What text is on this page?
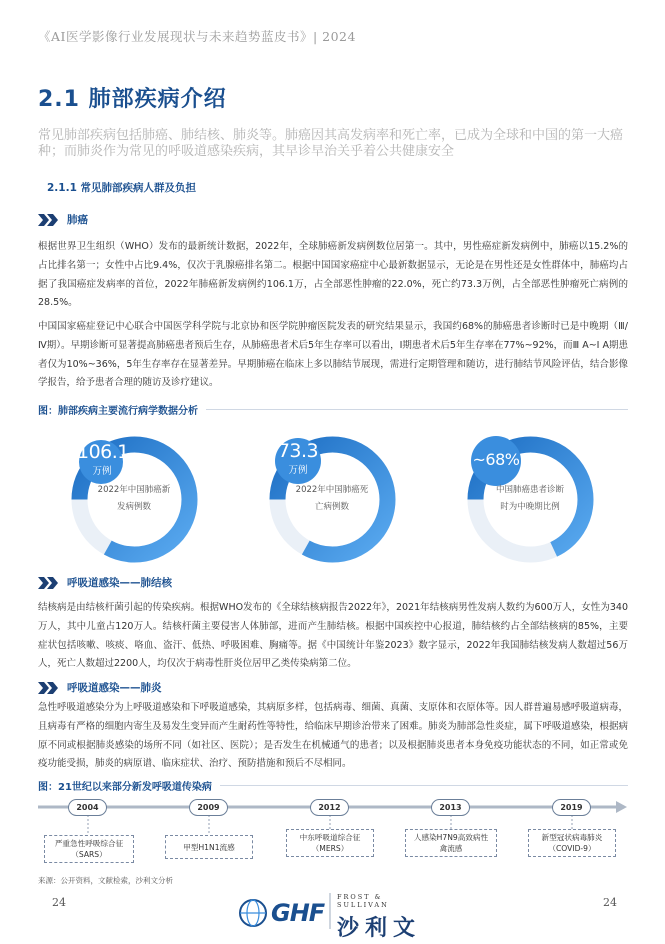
《AI医学影像行业发展现状与未来趋势蓝皮书》| 2024
2.1 肺部疾病介绍
常见肺部疾病包括肺癌、肺结核、肺炎等。肺癌因其高发病率和死亡率，已成为全球和中国的第一大癌种；而肺炎作为常见的呼吸道感染疾病，其早诊早治关乎着公共健康安全
2.1.1 常见肺部疾病人群及负担
肺癌
根据世界卫生组织（WHO）发布的最新统计数据，2022年，全球肺癌新发病例数位居第一。其中，男性癌症新发病例中，肺癌以15.2%的占比排名第一；女性中占比9.4%，仅次于乳腺癌排名第二。根据中国国家癌症中心最新数据显示，无论是在男性还是女性群体中，肺癌均占据了我国癌症发病率的首位，2022年肺癌新发病例约106.1万，占全部恶性肿瘤的22.0%，死亡约73.3万例，占全部恶性肿瘤死亡病例的28.5%。
中国国家癌症登记中心联合中国医学科学院与北京协和医学院肿瘤医院发表的研究结果显示，我国约68%的肺癌患者诊断时已是中晚期（Ⅲ/Ⅳ期）。早期诊断可显著提高肺癌患者预后生存，从肺癌患者术后5年生存率可以看出，Ⅰ期患者术后5年生存率在77%~92%，而Ⅲ A~Ⅰ A期患者仅为10%~36%，5年生存率存在显著差异。早期肺癌在临床上多以肺结节展现，需进行定期管理和随访，进行肺结节风险评估，结合影像学报告，给予患者合理的随访及诊疗建议。
图：肺部疾病主要流行病学数据分析
106.1
万例
2022年中国肺癌新
发病例数
73.3
万例
2022年中国肺癌死
亡病例数
~68%
中国肺癌患者诊断
时为中晚期比例
呼吸道感染——肺结核
结核病是由结核杆菌引起的传染疾病。根据WHO发布的《全球结核病报告2022年》，2021年结核病男性发病人数约为600万人，女性为340万人，其中儿童占120万人。结核杆菌主要侵害人体肺部，进而产生肺结核。根据中国疾控中心报道，肺结核约占全部结核病的85%，主要症状包括咳嗽、咳痰、咯血、盗汗、低热、呼吸困难、胸痛等。据《中国统计年鉴2023》数字显示，2022年我国肺结核发病人数超过56万人，死亡人数超过2200人，均仅次于病毒性肝炎位居甲乙类传染病第二位。
呼吸道感染——肺炎
急性呼吸道感染分为上呼吸道感染和下呼吸道感染，其病原多样，包括病毒、细菌、真菌、支原体和衣原体等。因人群普遍易感呼吸道病毒，且病毒有严格的细胞内寄生及易发生变异而产生耐药性等特性，给临床早期诊治带来了困难。肺炎为肺部急性炎症，属下呼吸道感染，根据病原不同或根据肺炎感染的场所不同（如社区、医院）；是否发生在机械通气的患者；以及根据肺炎患者本身免疫功能状态的不同，如正常或免疫功能受损，肺炎的病原谱、临床症状、治疗、预防措施和预后不尽相同。
图：21世纪以来部分新发呼吸道传染病
2004	2009	2012	2013	2019
严重急性呼吸综合征
（SARS）
甲型H1N1流感
中东呼吸道综合征
（MERS）
人感染H7N9高致病性
禽流感
新型冠状病毒肺炎
（COVID-9）
来源：公开资料，文献检索，沙利文分析
24	24
GHF
FROST & SULLIVAN
沙利文
